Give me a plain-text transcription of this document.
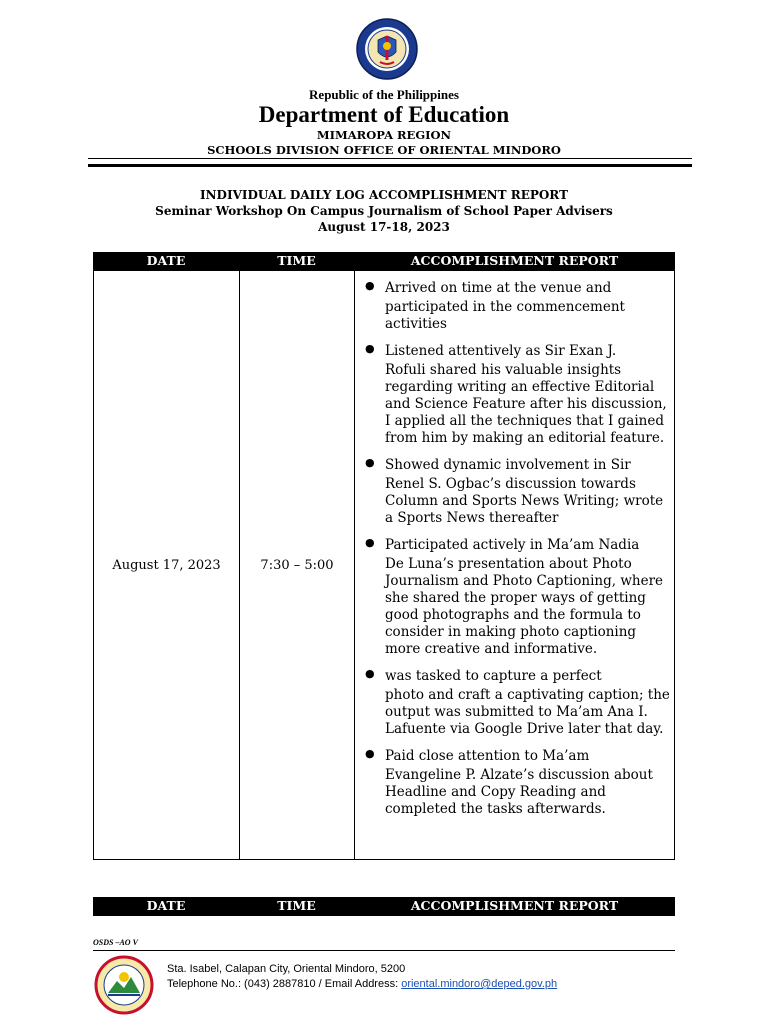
Republic of the Philippines
Department of Education
MIMAROPA REGION
SCHOOLS DIVISION OFFICE OF ORIENTAL MINDORO
INDIVIDUAL DAILY LOG ACCOMPLISHMENT REPORT
Seminar Workshop On Campus Journalism of School Paper Advisers
August 17-18, 2023
DATE	TIME	ACCOMPLISHMENT REPORT
August 17, 2023	7:30 – 5:00
● Arrived on time at the venue and
participated in the commencement activities
● Listened attentively as Sir Exan J.
Rofuli shared his valuable insights regarding writing an effective Editorial and Science Feature after his discussion, I applied all the techniques that I gained from him by making an editorial feature.
● Showed dynamic involvement in Sir
Renel S. Ogbac’s discussion towards Column and Sports News Writing; wrote a Sports News thereafter
● Participated actively in Ma’am Nadia
De Luna’s presentation about Photo Journalism and Photo Captioning, where she shared the proper ways of getting good photographs and the formula to consider in making photo captioning more creative and informative.
● was tasked to capture a perfect
photo and craft a captivating caption; the output was submitted to Ma’am Ana I. Lafuente via Google Drive later that day.
● Paid close attention to Ma’am
Evangeline P. Alzate’s discussion about Headline and Copy Reading and completed the tasks afterwards.
DATE	TIME	ACCOMPLISHMENT REPORT
OSDS –AO V
Sta. Isabel, Calapan City, Oriental Mindoro, 5200
Telephone No.: (043) 2887810 / Email Address: oriental.mindoro@deped.gov.ph
